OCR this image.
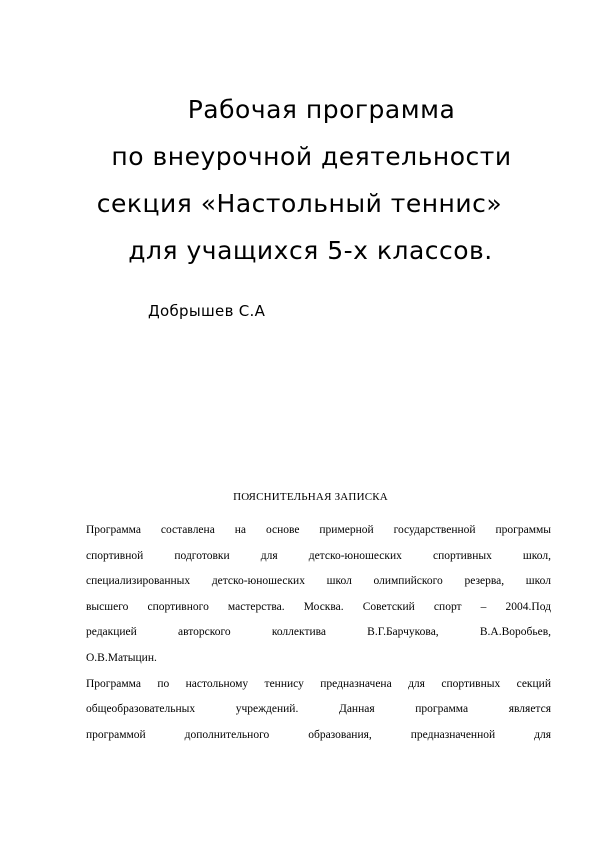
Рабочая программа
по внеурочной деятельности
секция «Настольный теннис»
для учащихся 5-х классов.
Добрышев С.А
ПОЯСНИТЕЛЬНАЯ ЗАПИСКА
Программа составлена на основе примерной государственной программы
спортивной подготовки для детско-юношеских спортивных школ,
специализированных детско-юношеских школ олимпийского резерва, школ
высшего спортивного мастерства. Москва. Советский спорт – 2004.Под
редакцией авторского коллектива В.Г.Барчукова, В.А.Воробьев,
О.В.Матыцин.
Программа по настольному теннису предназначена для спортивных секций
общеобразовательных учреждений. Данная программа является
программой дополнительного образования, предназначенной для
